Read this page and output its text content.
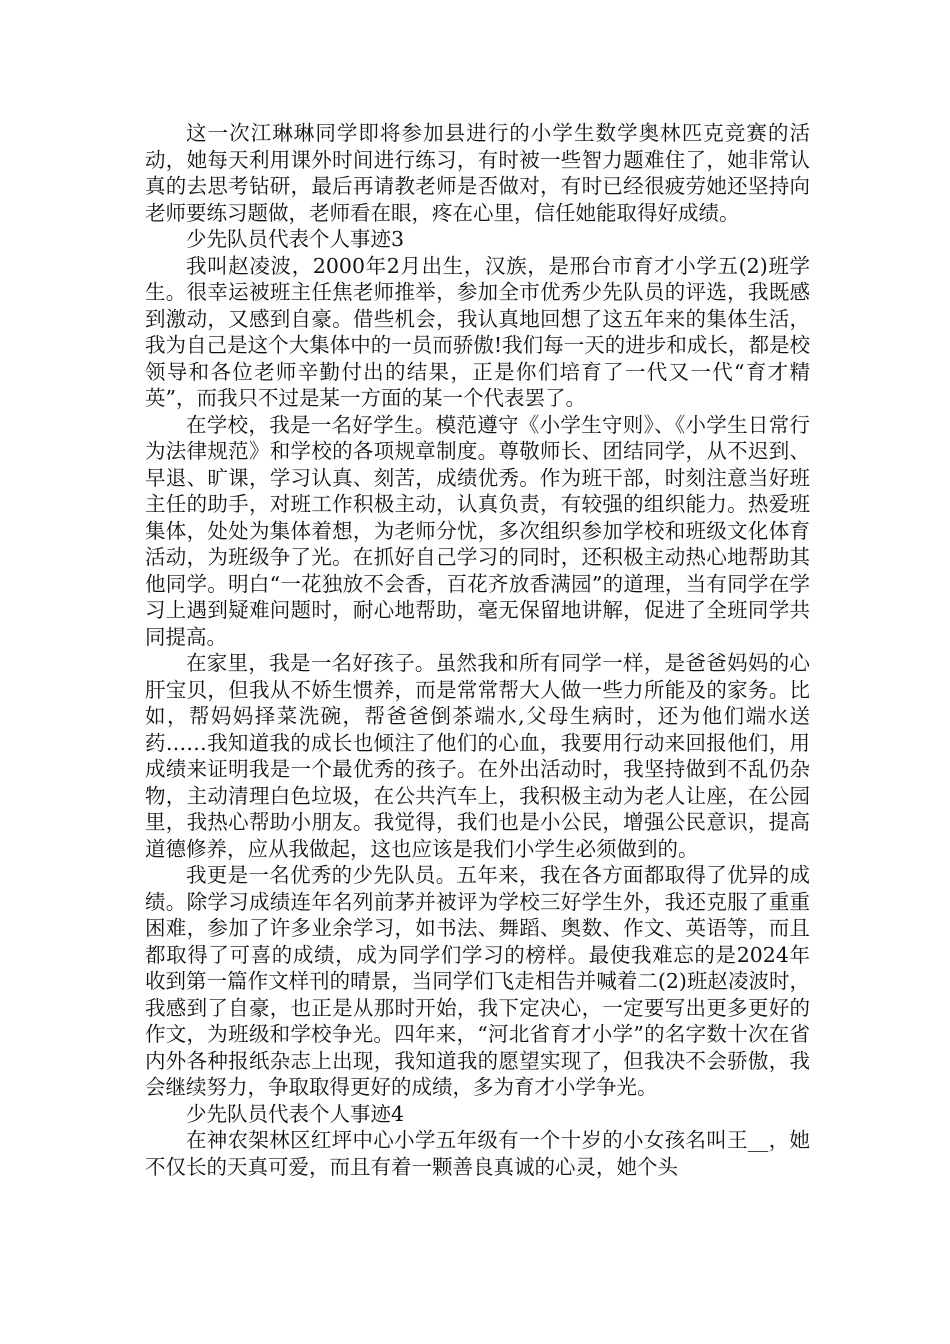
这一次江琳琳同学即将参加县进行的小学生数学奥林匹克竞赛的活动，她每天利用课外时间进行练习，有时被一些智力题难住了，她非常认真的去思考钻研，最后再请教老师是否做对，有时已经很疲劳她还坚持向老师要练习题做，老师看在眼，疼在心里，信任她能取得好成绩。

少先队员代表个人事迹3

我叫赵凌波，2000年2月出生，汉族，是邢台市育才小学五(2)班学生。很幸运被班主任焦老师推举，参加全市优秀少先队员的评选，我既感到激动，又感到自豪。借些机会，我认真地回想了这五年来的集体生活，我为自己是这个大集体中的一员而骄傲!我们每一天的进步和成长，都是校领导和各位老师辛勤付出的结果，正是你们培育了一代又一代“育才精英”，而我只不过是某一方面的某一个代表罢了。

在学校，我是一名好学生。模范遵守《小学生守则》、《小学生日常行为法律规范》和学校的各项规章制度。尊敬师长、团结同学，从不迟到、早退、旷课，学习认真、刻苦，成绩优秀。作为班干部，时刻注意当好班主任的助手，对班工作积极主动，认真负责，有较强的组织能力。热爱班集体，处处为集体着想，为老师分忧，多次组织参加学校和班级文化体育活动，为班级争了光。在抓好自己学习的同时，还积极主动热心地帮助其他同学。明白“一花独放不会香，百花齐放香满园”的道理，当有同学在学习上遇到疑难问题时，耐心地帮助，毫无保留地讲解，促进了全班同学共同提高。

在家里，我是一名好孩子。虽然我和所有同学一样，是爸爸妈妈的心肝宝贝，但我从不娇生惯养，而是常常帮大人做一些力所能及的家务。比如，帮妈妈择菜洗碗，帮爸爸倒茶端水,父母生病时，还为他们端水送药……我知道我的成长也倾注了他们的心血，我要用行动来回报他们，用成绩来证明我是一个最优秀的孩子。在外出活动时，我坚持做到不乱仍杂物，主动清理白色垃圾，在公共汽车上，我积极主动为老人让座，在公园里，我热心帮助小朋友。我觉得，我们也是小公民，增强公民意识，提高道德修养，应从我做起，这也应该是我们小学生必须做到的。

我更是一名优秀的少先队员。五年来，我在各方面都取得了优异的成绩。除学习成绩连年名列前茅并被评为学校三好学生外，我还克服了重重困难，参加了许多业余学习，如书法、舞蹈、奥数、作文、英语等，而且都取得了可喜的成绩，成为同学们学习的榜样。最使我难忘的是2024年收到第一篇作文样刊的晴景，当同学们飞走相告并喊着二(2)班赵凌波时，我感到了自豪，也正是从那时开始，我下定决心，一定要写出更多更好的作文，为班级和学校争光。四年来，“河北省育才小学”的名字数十次在省内外各种报纸杂志上出现，我知道我的愿望实现了，但我决不会骄傲，我会继续努力，争取取得更好的成绩，多为育才小学争光。

少先队员代表个人事迹4

在神农架林区红坪中心小学五年级有一个十岁的小女孩名叫王__，她不仅长的天真可爱，而且有着一颗善良真诚的心灵，她个头
